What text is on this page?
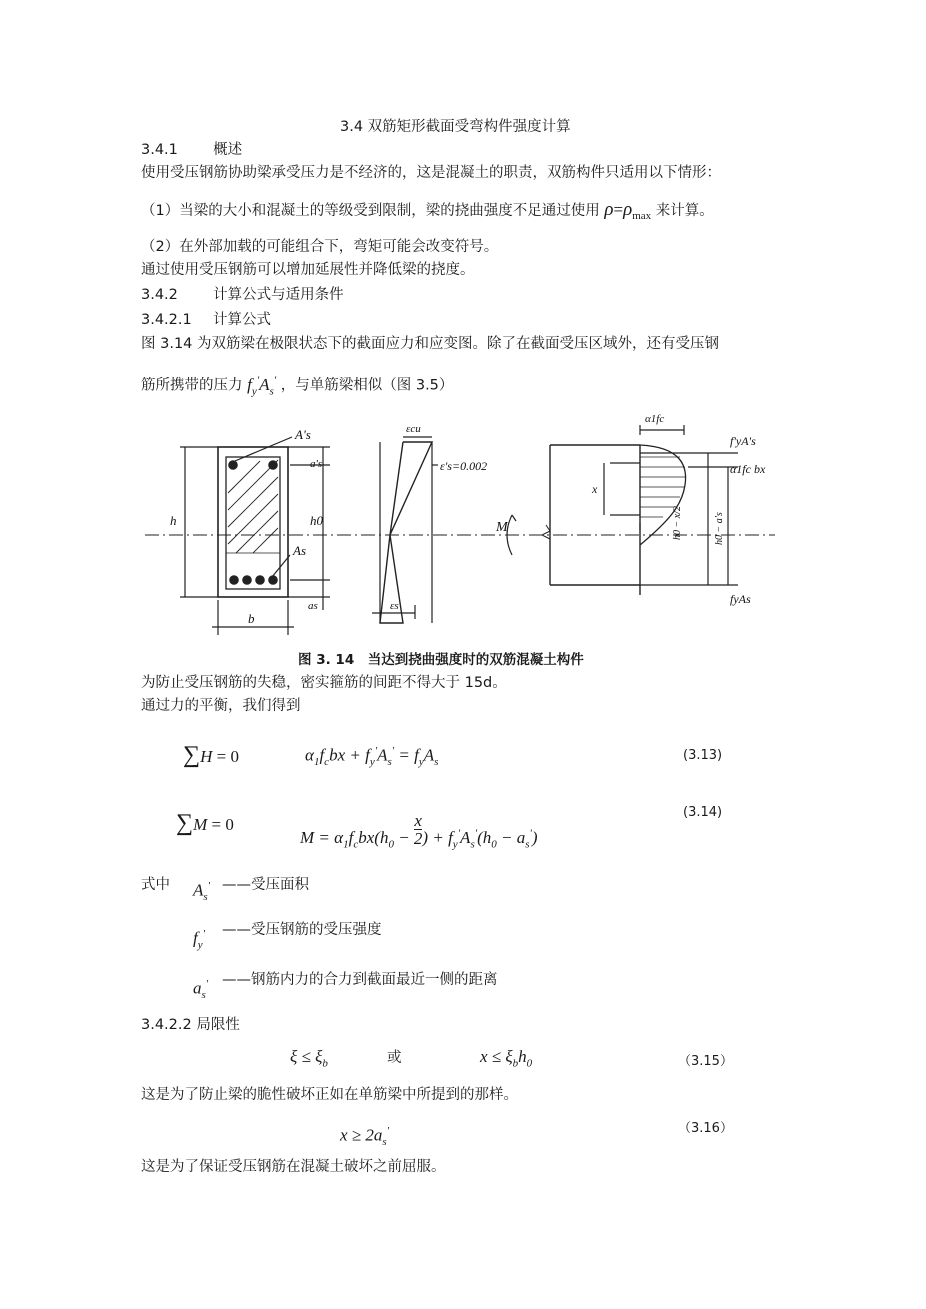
3.4 双筋矩形截面受弯构件强度计算
3.4.1 概述
使用受压钢筋协助梁承受压力是不经济的，这是混凝土的职责，双筋构件只适用以下情形：
（1）当梁的大小和混凝土的等级受到限制，梁的挠曲强度不足通过使用 $\rho=\rho_{max}$ 来计算。
（2）在外部加载的可能组合下，弯矩可能会改变符号。
通过使用受压钢筋可以增加延展性并降低梁的挠度。
3.4.2 计算公式与适用条件
3.4.2.1 计算公式
图 3.14 为双筋梁在极限状态下的截面应力和应变图。除了在截面受压区域外，还有受压钢
筋所携带的压力 $f_y'A_s'$ ，与单筋梁相似（图 3.5）
A's
As
h	h0
a's
as
b
εcu
ε's=0.002
εs
α1fc
f'yA's
α1fc bx
x
h0 − x/2	h0 − a's
fyAs
M
图 3. 14　当达到挠曲强度时的双筋混凝土构件
为防止受压钢筋的失稳，密实箍筋的间距不得大于 15d。
通过力的平衡，我们得到
∑H = 0	$\alpha_1f_cbx + f_y'A_s' = f_yA_s$	(3.13)
∑M = 0
$M = \alpha_1f_cbx(h_0 - \frac{x}{2}$ ) + $f_y'A_s'(h_0 - a_s')$
(3.14)
式中 $A_s'$ ——受压面积
$f_y'$ ——受压钢筋的受压强度
$a_s'$ ——钢筋内力的合力到截面最近一侧的距离
3.4.2.2 局限性
$\xi \le \xi_b$	或	$x \le \xi_bh_0$	（3.15）
这是为了防止梁的脆性破坏正如在单筋梁中所提到的那样。
$x \ge 2a_s'$	（3.16）
这是为了保证受压钢筋在混凝土破坏之前屈服。
